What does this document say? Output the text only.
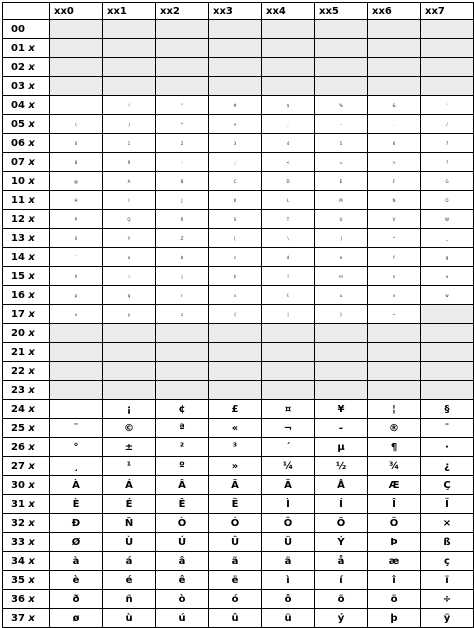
	xx0	xx1	xx2	xx3	xx4	xx5	xx6	xx7
00								
01 x								
02 x								
03 x								
04 x		!	"	#	$	%	&	'
05 x	(	)	*	+	,	-	.	/
06 x	0	1	2	3	4	5	6	7
07 x	8	9	:	;	<	=	>	?
10 x	@	A	B	C	D	E	F	G
11 x	H	I	J	K	L	M	N	O
12 x	P	Q	R	S	T	U	V	W
13 x	X	Y	Z	[	\	]	^	_
14 x	`	a	b	c	d	e	f	g
15 x	h	i	j	k	l	m	n	o
16 x	p	q	r	s	t	u	v	w
17 x	x	y	z	{	|	}	~	
20 x								
21 x								
22 x								
23 x								
24 x		¡	¢	£	¤	¥	¦	§
25 x	¨	©	ª	«	¬	-	®	¯
26 x	°	±	²	³	´	µ	¶	·
27 x	¸	¹	º	»	¼	½	¾	¿
30 x	À	Á	Â	Ã	Ä	Å	Æ	Ç
31 x	È	É	Ê	Ë	Ì	Í	Î	Ï
32 x	Ð	Ñ	Ò	Ó	Ô	Õ	Ö	×
33 x	Ø	Ù	Ú	Û	Ü	Ý	Þ	ß
34 x	à	á	â	ã	ä	å	æ	ç
35 x	è	é	ê	ë	ì	í	î	ï
36 x	ð	ñ	ò	ó	ô	õ	ö	÷
37 x	ø	ù	ú	û	ü	ý	þ	ÿ
